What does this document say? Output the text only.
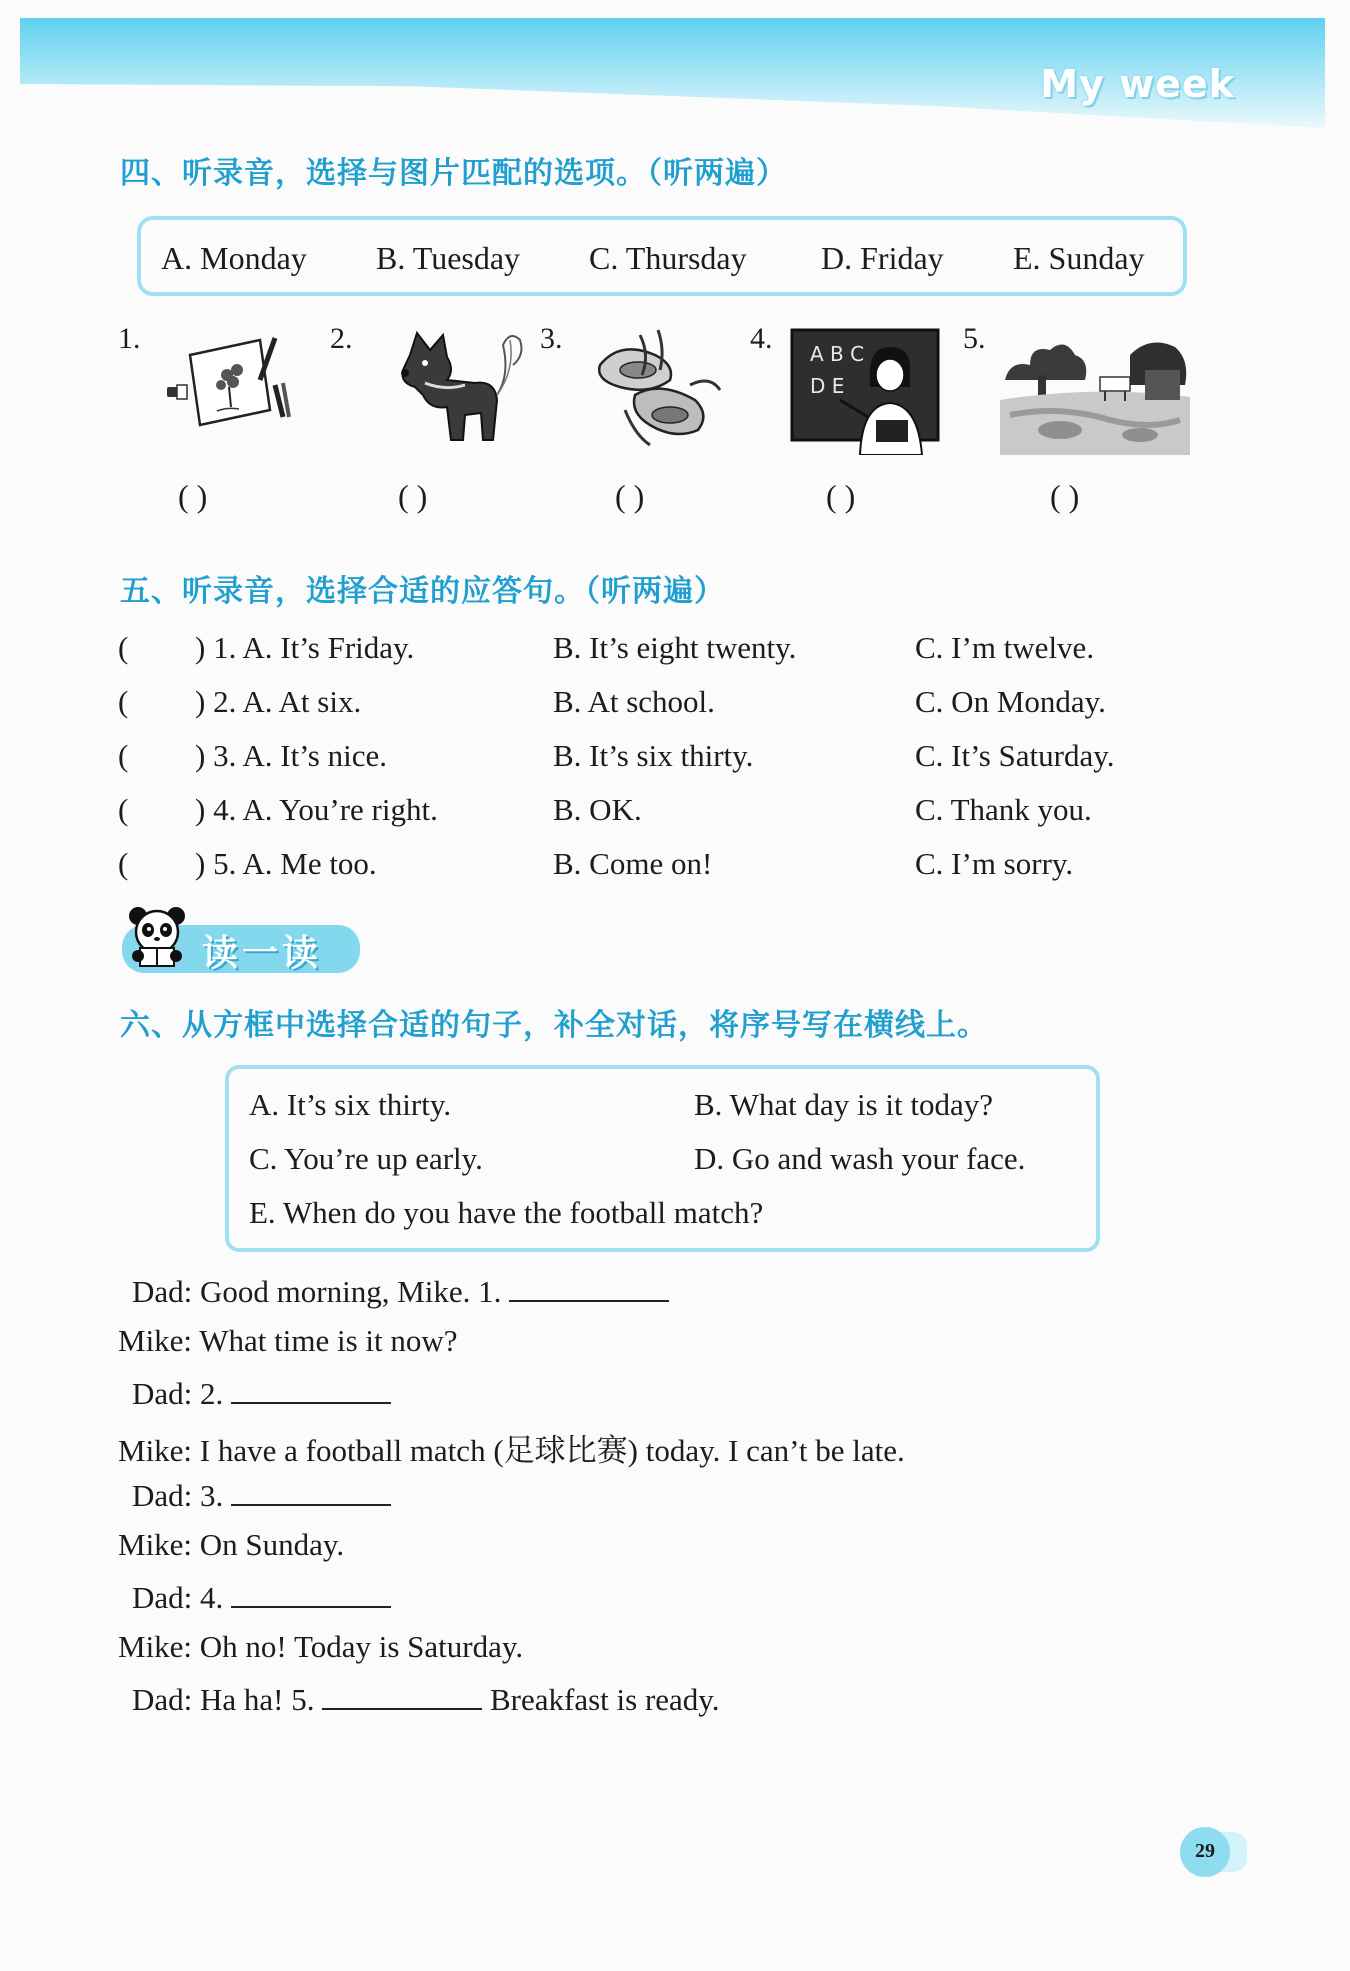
My week
四、听录音，选择与图片匹配的选项。（听两遍）
A. Monday B. Tuesday C. Thursday D. Friday E. Sunday
1.	2.	3.	4.	5.
A B C
D E
( )	( )	( )	( )	( )
五、听录音，选择合适的应答句。（听两遍）
( ) 1. A. It’s Friday.	B. It’s eight twenty.	C. I’m twelve.
( ) 2. A. At six.	B. At school.	C. On Monday.
( ) 3. A. It’s nice.	B. It’s six thirty.	C. It’s Saturday.
( ) 4. A. You’re right.	B. OK.	C. Thank you.
( ) 5. A. Me too.	B. Come on!	C. I’m sorry.
读一读
六、从方框中选择合适的句子，补全对话，将序号写在横线上。
A. It’s six thirty.	B. What day is it today?
C. You’re up early.	D. Go and wash your face.
E. When do you have the football match?
Dad: Good morning, Mike. 1.
Mike: What time is it now?
Dad: 2.
Mike: I have a football match (足球比赛) today. I can’t be late.
Dad: 3.
Mike: On Sunday.
Dad: 4.
Mike: Oh no! Today is Saturday.
Dad: Ha ha! 5.	Breakfast is ready.
29
